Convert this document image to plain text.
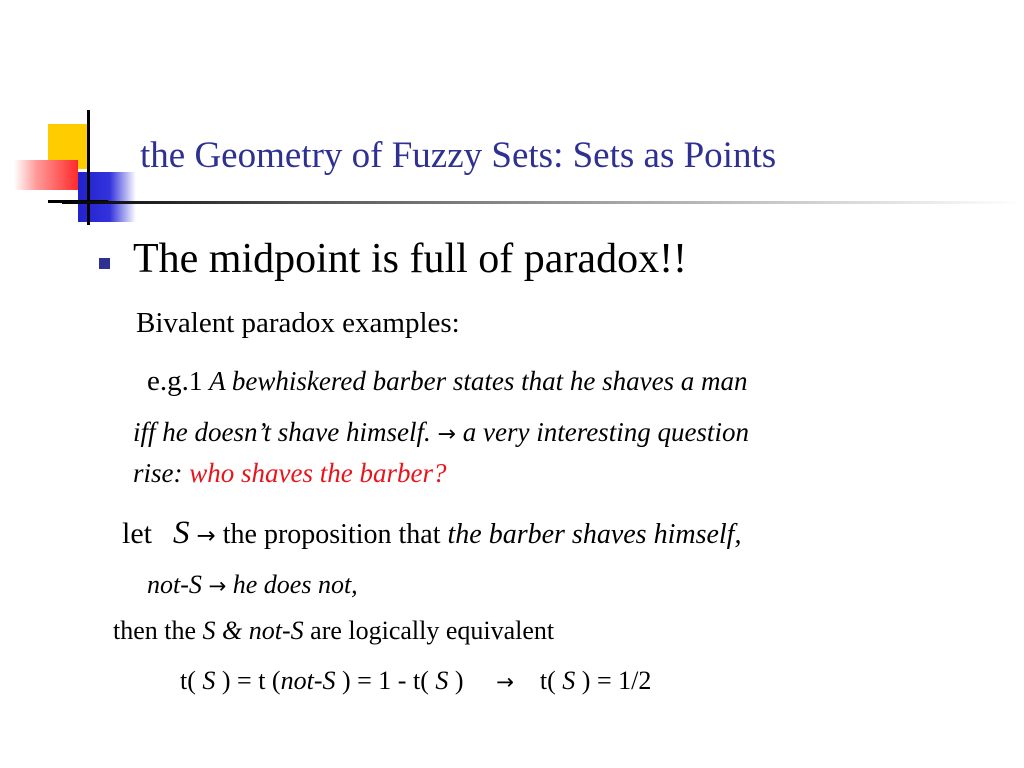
the Geometry of Fuzzy Sets: Sets as Points
The midpoint is full of paradox!!
Bivalent paradox examples:
e.g.1 A bewhiskered barber states that he shaves a man
iff he doesn’t shave himself. → a very interesting question
rise: who shaves the barber?
let S → the proposition that the barber shaves himself,
not-S → he does not,
then the S & not-S are logically equivalent
t( S ) = t (not-S ) = 1 - t( S ) → t( S ) = 1/2
